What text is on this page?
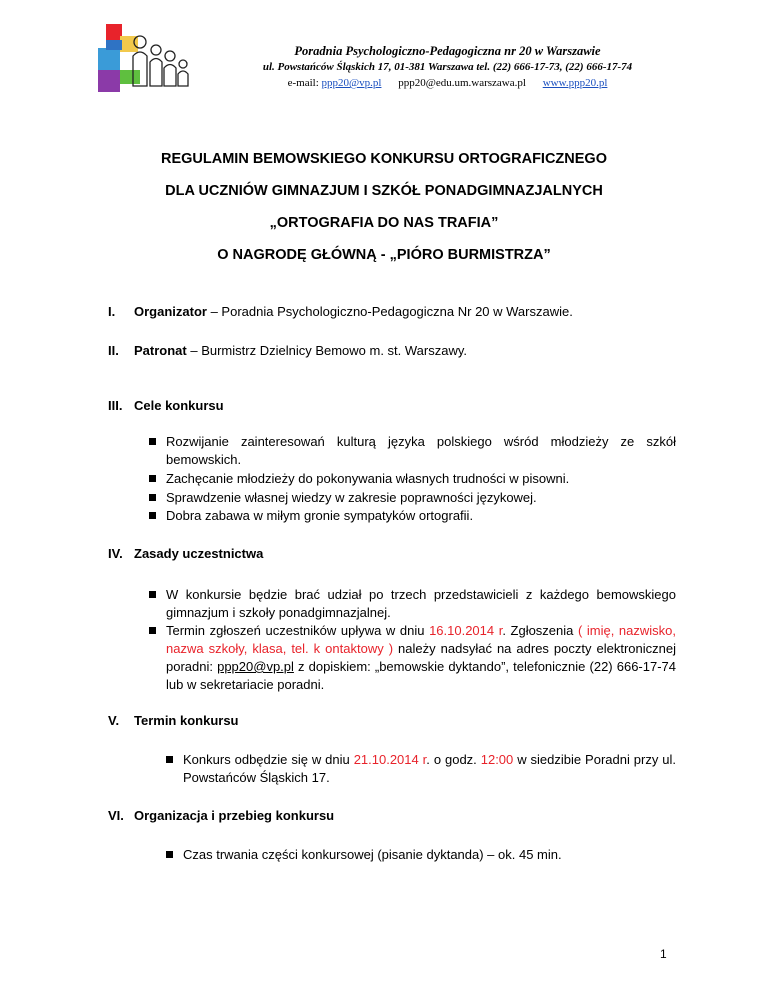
Poradnia Psychologiczno-Pedagogiczna nr 20 w Warszawie
ul. Powstańców Śląskich 17, 01-381 Warszawa tel. (22) 666-17-73, (22) 666-17-74
e-mail: ppp20@vp.pl ppp20@edu.um.warszawa.pl www.ppp20.pl
REGULAMIN BEMOWSKIEGO KONKURSU ORTOGRAFICZNEGO
DLA UCZNIÓW GIMNAZJUM I SZKÓŁ PONADGIMNAZJALNYCH
„ORTOGRAFIA DO NAS TRAFIA”
O NAGRODĘ GŁÓWNĄ - „PIÓRO BURMISTRZA”
I. Organizator – Poradnia Psychologiczno-Pedagogiczna Nr 20 w Warszawie.
II. Patronat – Burmistrz Dzielnicy Bemowo m. st. Warszawy.
III. Cele konkursu
Rozwijanie zainteresowań kulturą języka polskiego wśród młodzieży ze szkół bemowskich.
Zachęcanie młodzieży do pokonywania własnych trudności w pisowni.
Sprawdzenie własnej wiedzy w zakresie poprawności językowej.
Dobra zabawa w miłym gronie sympatyków ortografii.
IV. Zasady uczestnictwa
W konkursie będzie brać udział po trzech przedstawicieli z każdego bemowskiego gimnazjum i szkoły ponadgimnazjalnej.
Termin zgłoszeń uczestników upływa w dniu 16.10.2014 r. Zgłoszenia ( imię, nazwisko, nazwa szkoły, klasa, tel. k ontaktowy ) należy nadsyłać na adres poczty elektronicznej poradni: ppp20@vp.pl z dopiskiem: „bemowskie dyktando”, telefonicznie (22) 666-17-74 lub w sekretariacie poradni.
V. Termin konkursu
Konkurs odbędzie się w dniu 21.10.2014 r. o godz. 12:00 w siedzibie Poradni przy ul. Powstańców Śląskich 17.
VI. Organizacja i przebieg konkursu
Czas trwania części konkursowej (pisanie dyktanda) – ok. 45 min.
1
